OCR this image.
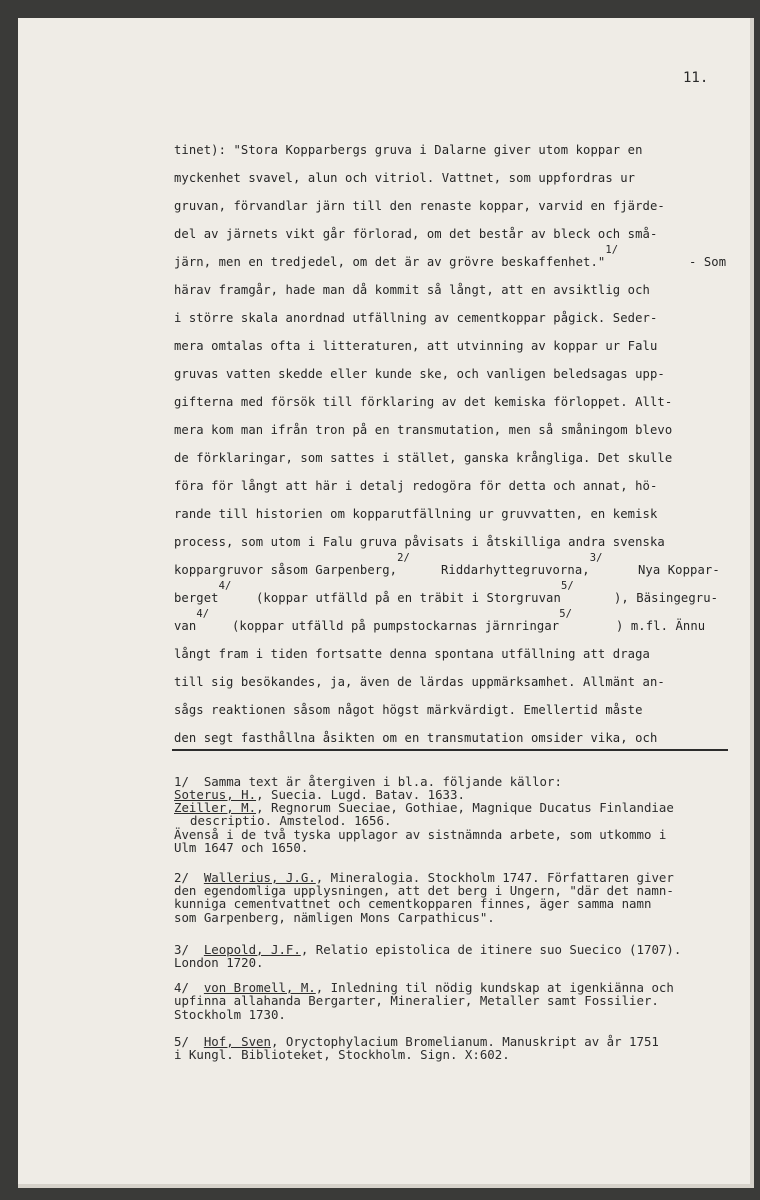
11.
tinet): "Stora Kopparbergs gruva i Dalarne giver utom koppar en
myckenhet svavel, alun och vitriol. Vattnet, som uppfordras ur
gruvan, förvandlar järn till den renaste koppar, varvid en fjärde-
del av järnets vikt går förlorad, om det består av bleck och små-
järn, men en tredjedel, om det är av grövre beskaffenhet."$^{1/}$
- Som
härav framgår, hade man då kommit så långt, att en avsiktlig och
i större skala anordnad utfällning av cementkoppar pågick. Seder-
mera omtalas ofta i litteraturen, att utvinning av koppar ur Falu
gruvas vatten skedde eller kunde ske, och vanligen beledsagas upp-
gifterna med försök till förklaring av det kemiska förloppet. Allt-
mera kom man ifrån tron på en transmutation, men så småningom blevo
de förklaringar, som sattes i stället, ganska krångliga. Det skulle
föra för långt att här i detalj redogöra för detta och annat, hö-
rande till historien om kopparutfällning ur gruvvatten, en kemisk
process, som utom i Falu gruva påvisats i åtskilliga andra svenska
koppargruvor såsom Garpenberg,$^{2/}$
Riddarhyttegruvorna,$^{3/}$
Nya Koppar-
berget$^{4/}$
(koppar utfälld på en träbit i Storgruvan$^{5/}$
), Bäsingegru-
van$^{4/}$
(koppar utfälld på pumpstockarnas järnringar$^{5/}$
) m.fl. Ännu
långt fram i tiden fortsatte denna spontana utfällning att draga
till sig besökandes, ja, även de lärdas uppmärksamhet. Allmänt an-
sågs reaktionen såsom något högst märkvärdigt. Emellertid måste
den segt fasthållna åsikten om en transmutation omsider vika, och
1/ Samma text är återgiven i bl.a. följande källor:
Soterus, H., Suecia. Lugd. Batav. 1633.
Zeiller, M., Regnorum Sueciae, Gothiae, Magnique Ducatus Finlandiae
descriptio. Amstelod. 1656.
Ävenså i de två tyska upplagor av sistnämnda arbete, som utkommo i
Ulm 1647 och 1650.
2/ Wallerius, J.G., Mineralogia. Stockholm 1747. Författaren giver
den egendomliga upplysningen, att det berg i Ungern, "där det namn-
kunniga cementvattnet och cementkopparen finnes, äger samma namn
som Garpenberg, nämligen Mons Carpathicus".
3/ Leopold, J.F., Relatio epistolica de itinere suo Suecico (1707).
London 1720.
4/ von Bromell, M., Inledning til nödig kundskap at igenkiänna och
upfinna allahanda Bergarter, Mineralier, Metaller samt Fossilier.
Stockholm 1730.
5/ Hof, Sven, Oryctophylacium Bromelianum. Manuskript av år 1751
i Kungl. Biblioteket, Stockholm. Sign. X:602.
